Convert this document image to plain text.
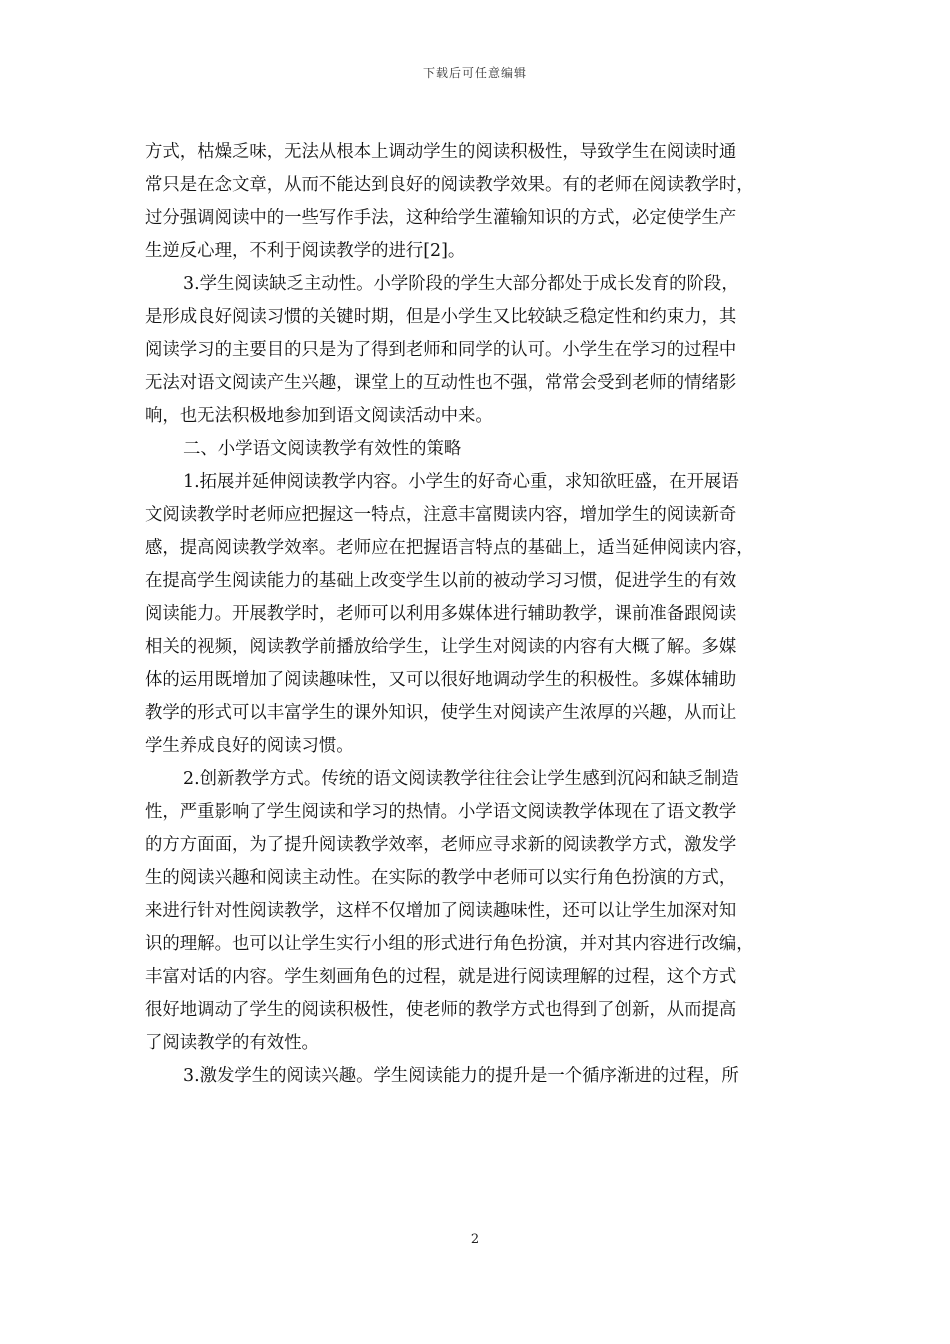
下载后可任意编辑

方式，枯燥乏味，无法从根本上调动学生的阅读积极性，导致学生在阅读时通

常只是在念文章，从而不能达到良好的阅读教学效果。有的老师在阅读教学时，

过分强调阅读中的一些写作手法，这种给学生灌输知识的方式，必定使学生产

生逆反心理，不利于阅读教学的进行[2]。

3.学生阅读缺乏主动性。小学阶段的学生大部分都处于成长发育的阶段，

是形成良好阅读习惯的关键时期，但是小学生又比较缺乏稳定性和约束力，其

阅读学习的主要目的只是为了得到老师和同学的认可。小学生在学习的过程中

无法对语文阅读产生兴趣，课堂上的互动性也不强，常常会受到老师的情绪影

响，也无法积极地参加到语文阅读活动中来。

二、小学语文阅读教学有效性的策略

1.拓展并延伸阅读教学内容。小学生的好奇心重，求知欲旺盛，在开展语

文阅读教学时老师应把握这一特点，注意丰富閱读内容，增加学生的阅读新奇

感，提高阅读教学效率。老师应在把握语言特点的基础上，适当延伸阅读内容，

在提高学生阅读能力的基础上改变学生以前的被动学习习惯，促进学生的有效

阅读能力。开展教学时，老师可以利用多媒体进行辅助教学，课前准备跟阅读

相关的视频，阅读教学前播放给学生，让学生对阅读的内容有大概了解。多媒

体的运用既增加了阅读趣味性，又可以很好地调动学生的积极性。多媒体辅助

教学的形式可以丰富学生的课外知识，使学生对阅读产生浓厚的兴趣，从而让

学生养成良好的阅读习惯。

2.创新教学方式。传统的语文阅读教学往往会让学生感到沉闷和缺乏制造

性，严重影响了学生阅读和学习的热情。小学语文阅读教学体现在了语文教学

的方方面面，为了提升阅读教学效率，老师应寻求新的阅读教学方式，激发学

生的阅读兴趣和阅读主动性。在实际的教学中老师可以实行角色扮演的方式，

来进行针对性阅读教学，这样不仅增加了阅读趣味性，还可以让学生加深对知

识的理解。也可以让学生实行小组的形式进行角色扮演，并对其内容进行改编，

丰富对话的内容。学生刻画角色的过程，就是进行阅读理解的过程，这个方式

很好地调动了学生的阅读积极性，使老师的教学方式也得到了创新，从而提高

了阅读教学的有效性。

3.激发学生的阅读兴趣。学生阅读能力的提升是一个循序渐进的过程，所

2
